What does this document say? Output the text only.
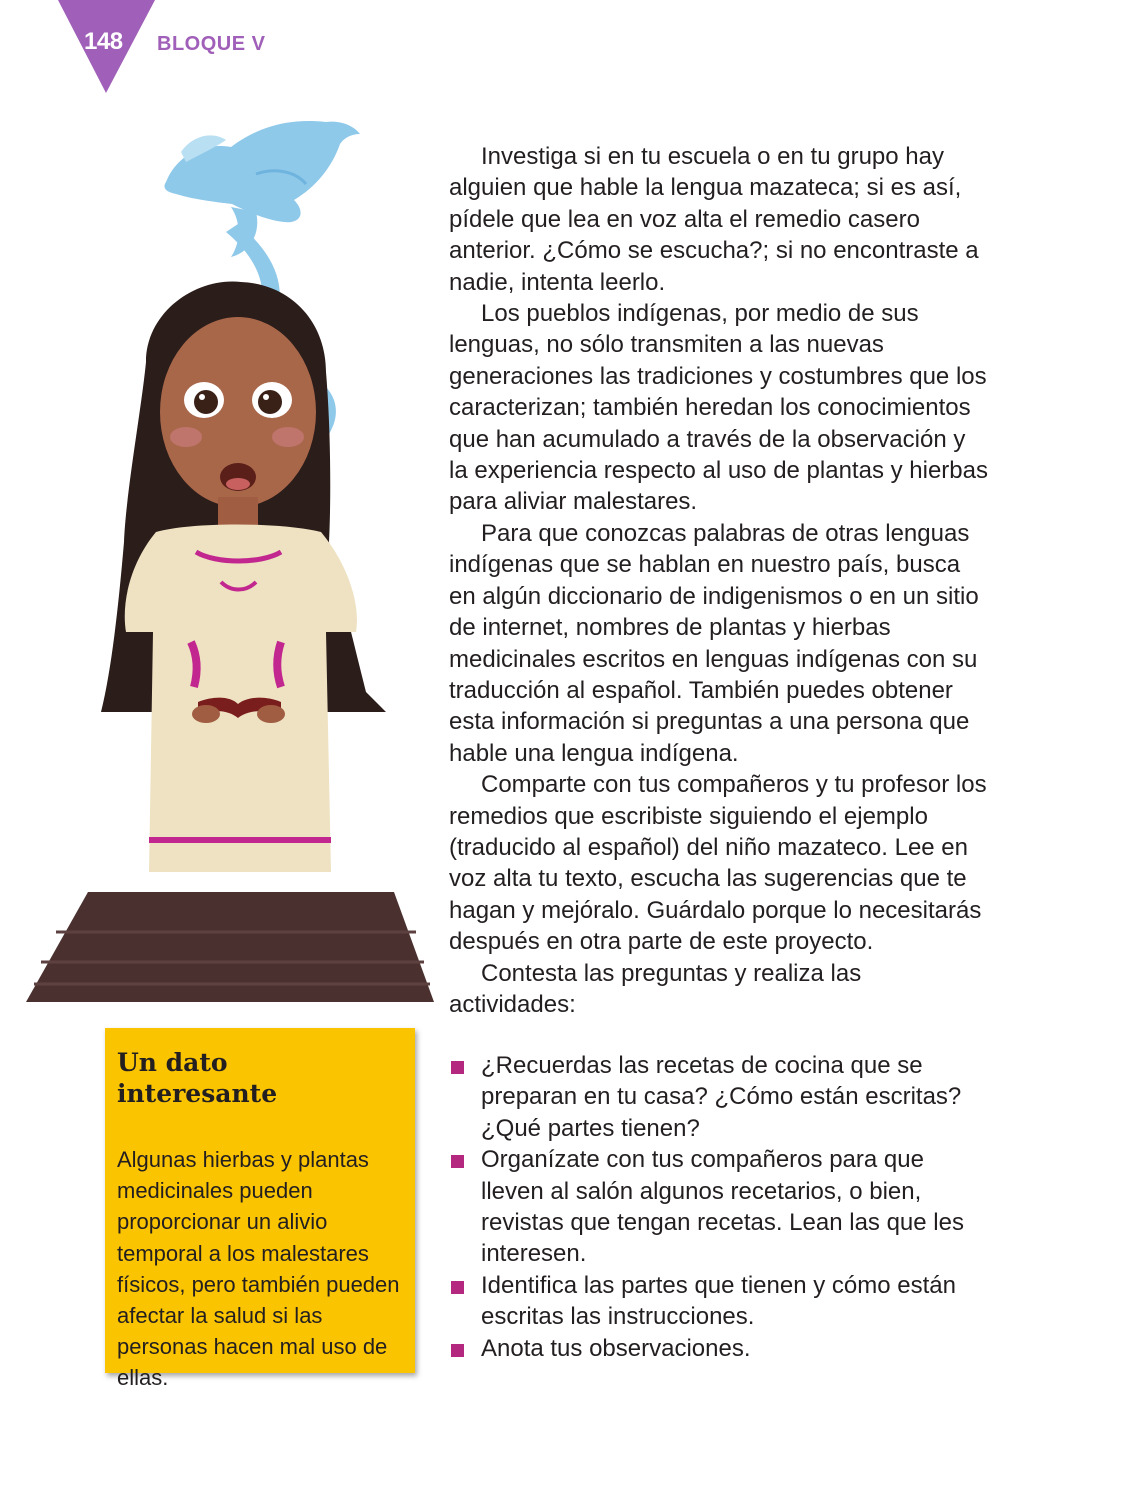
148 BLOQUE V

Investiga si en tu escuela o en tu grupo hay alguien que hable la lengua mazateca; si es así, pídele que lea en voz alta el remedio casero anterior. ¿Cómo se escucha?; si no encontraste a nadie, intenta leerlo.

Los pueblos indígenas, por medio de sus lenguas, no sólo transmiten a las nuevas generaciones las tradiciones y costumbres que los caracterizan; también heredan los conocimientos que han acumulado a través de la observación y la experiencia respecto al uso de plantas y hierbas para aliviar malestares.

Para que conozcas palabras de otras lenguas indígenas que se hablan en nuestro país, busca en algún diccionario de indigenismos o en un sitio de internet, nombres de plantas y hierbas medicinales escritos en lenguas indígenas con su traducción al español. También puedes obtener esta información si preguntas a una persona que hable una lengua indígena.

Comparte con tus compañeros y tu profesor los remedios que escribiste siguiendo el ejemplo (traducido al español) del niño mazateco. Lee en voz alta tu texto, escucha las sugerencias que te hagan y mejóralo. Guárdalo porque lo necesitarás después en otra parte de este proyecto.

Contesta las preguntas y realiza las actividades:

¿Recuerdas las recetas de cocina que se preparan en tu casa? ¿Cómo están escritas? ¿Qué partes tienen?
Organízate con tus compañeros para que lleven al salón algunos recetarios, o bien, revistas que tengan recetas. Lean las que les interesen.
Identifica las partes que tienen y cómo están escritas las instrucciones.
Anota tus observaciones.
Un dato
interesante
Algunas hierbas y plantas medicinales pueden proporcionar un alivio temporal a los malestares físicos, pero también pueden afectar la salud si las personas hacen mal uso de ellas.
